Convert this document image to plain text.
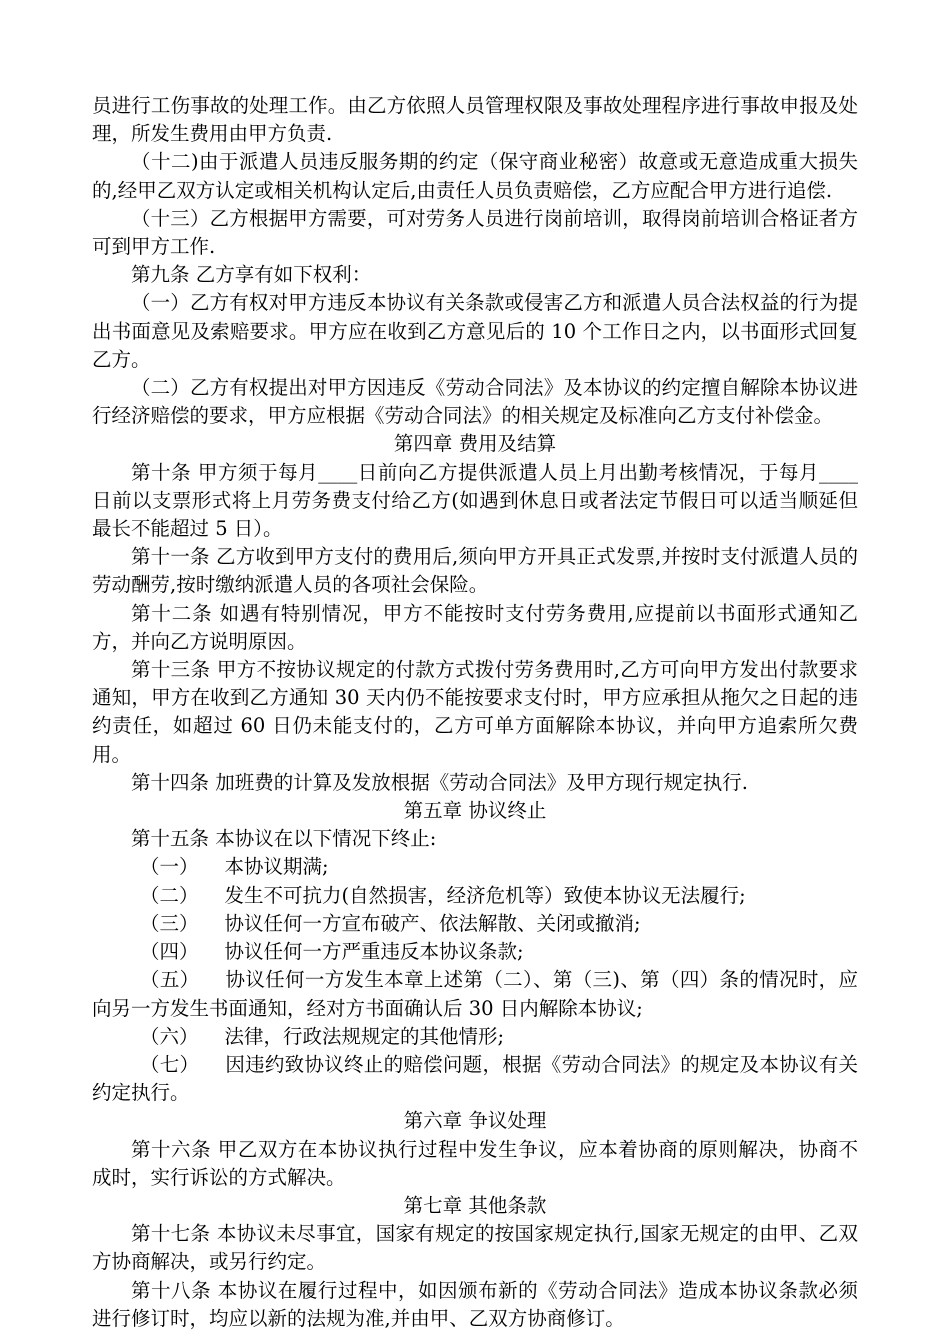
员进行工伤事故的处理工作。由乙方依照人员管理权限及事故处理程序进行事故申报及处理，所发生费用由甲方负责.

（十二)由于派遣人员违反服务期的约定（保守商业秘密）故意或无意造成重大损失的,经甲乙双方认定或相关机构认定后,由责任人员负责赔偿，乙方应配合甲方进行追偿.

（十三）乙方根据甲方需要，可对劳务人员进行岗前培训，取得岗前培训合格证者方可到甲方工作.

第九条 乙方享有如下权利：

（一）乙方有权对甲方违反本协议有关条款或侵害乙方和派遣人员合法权益的行为提出书面意见及索赔要求。甲方应在收到乙方意见后的 10 个工作日之内，以书面形式回复乙方。

（二）乙方有权提出对甲方因违反《劳动合同法》及本协议的约定擅自解除本协议进行经济赔偿的要求，甲方应根据《劳动合同法》的相关规定及标准向乙方支付补偿金。

第四章 费用及结算

第十条 甲方须于每月____日前向乙方提供派遣人员上月出勤考核情况，于每月____日前以支票形式将上月劳务费支付给乙方(如遇到休息日或者法定节假日可以适当顺延但最长不能超过 5 日）。

第十一条 乙方收到甲方支付的费用后,须向甲方开具正式发票,并按时支付派遣人员的劳动酬劳,按时缴纳派遣人员的各项社会保险。

第十二条 如遇有特别情况，甲方不能按时支付劳务费用,应提前以书面形式通知乙方，并向乙方说明原因。

第十三条 甲方不按协议规定的付款方式拨付劳务费用时,乙方可向甲方发出付款要求通知，甲方在收到乙方通知 30 天内仍不能按要求支付时，甲方应承担从拖欠之日起的违约责任，如超过 60 日仍未能支付的，乙方可单方面解除本协议，并向甲方追索所欠费用。

第十四条 加班费的计算及发放根据《劳动合同法》及甲方现行规定执行.

第五章 协议终止

第十五条 本协议在以下情况下终止:

（一） 本协议期满;

（二） 发生不可抗力(自然损害，经济危机等）致使本协议无法履行;

（三） 协议任何一方宣布破产、依法解散、关闭或撤消;

（四） 协议任何一方严重违反本协议条款;

（五） 协议任何一方发生本章上述第（二）、第（三)、第（四）条的情况时，应向另一方发生书面通知，经对方书面确认后 30 日内解除本协议;

（六） 法律，行政法规规定的其他情形;

（七） 因违约致协议终止的赔偿问题，根据《劳动合同法》的规定及本协议有关约定执行。

第六章 争议处理

第十六条 甲乙双方在本协议执行过程中发生争议，应本着协商的原则解决，协商不成时，实行诉讼的方式解决。

第七章 其他条款

第十七条 本协议未尽事宜，国家有规定的按国家规定执行,国家无规定的由甲、乙双方协商解决，或另行约定。

第十八条 本协议在履行过程中，如因颁布新的《劳动合同法》造成本协议条款必须进行修订时，均应以新的法规为准,并由甲、乙双方协商修订。
